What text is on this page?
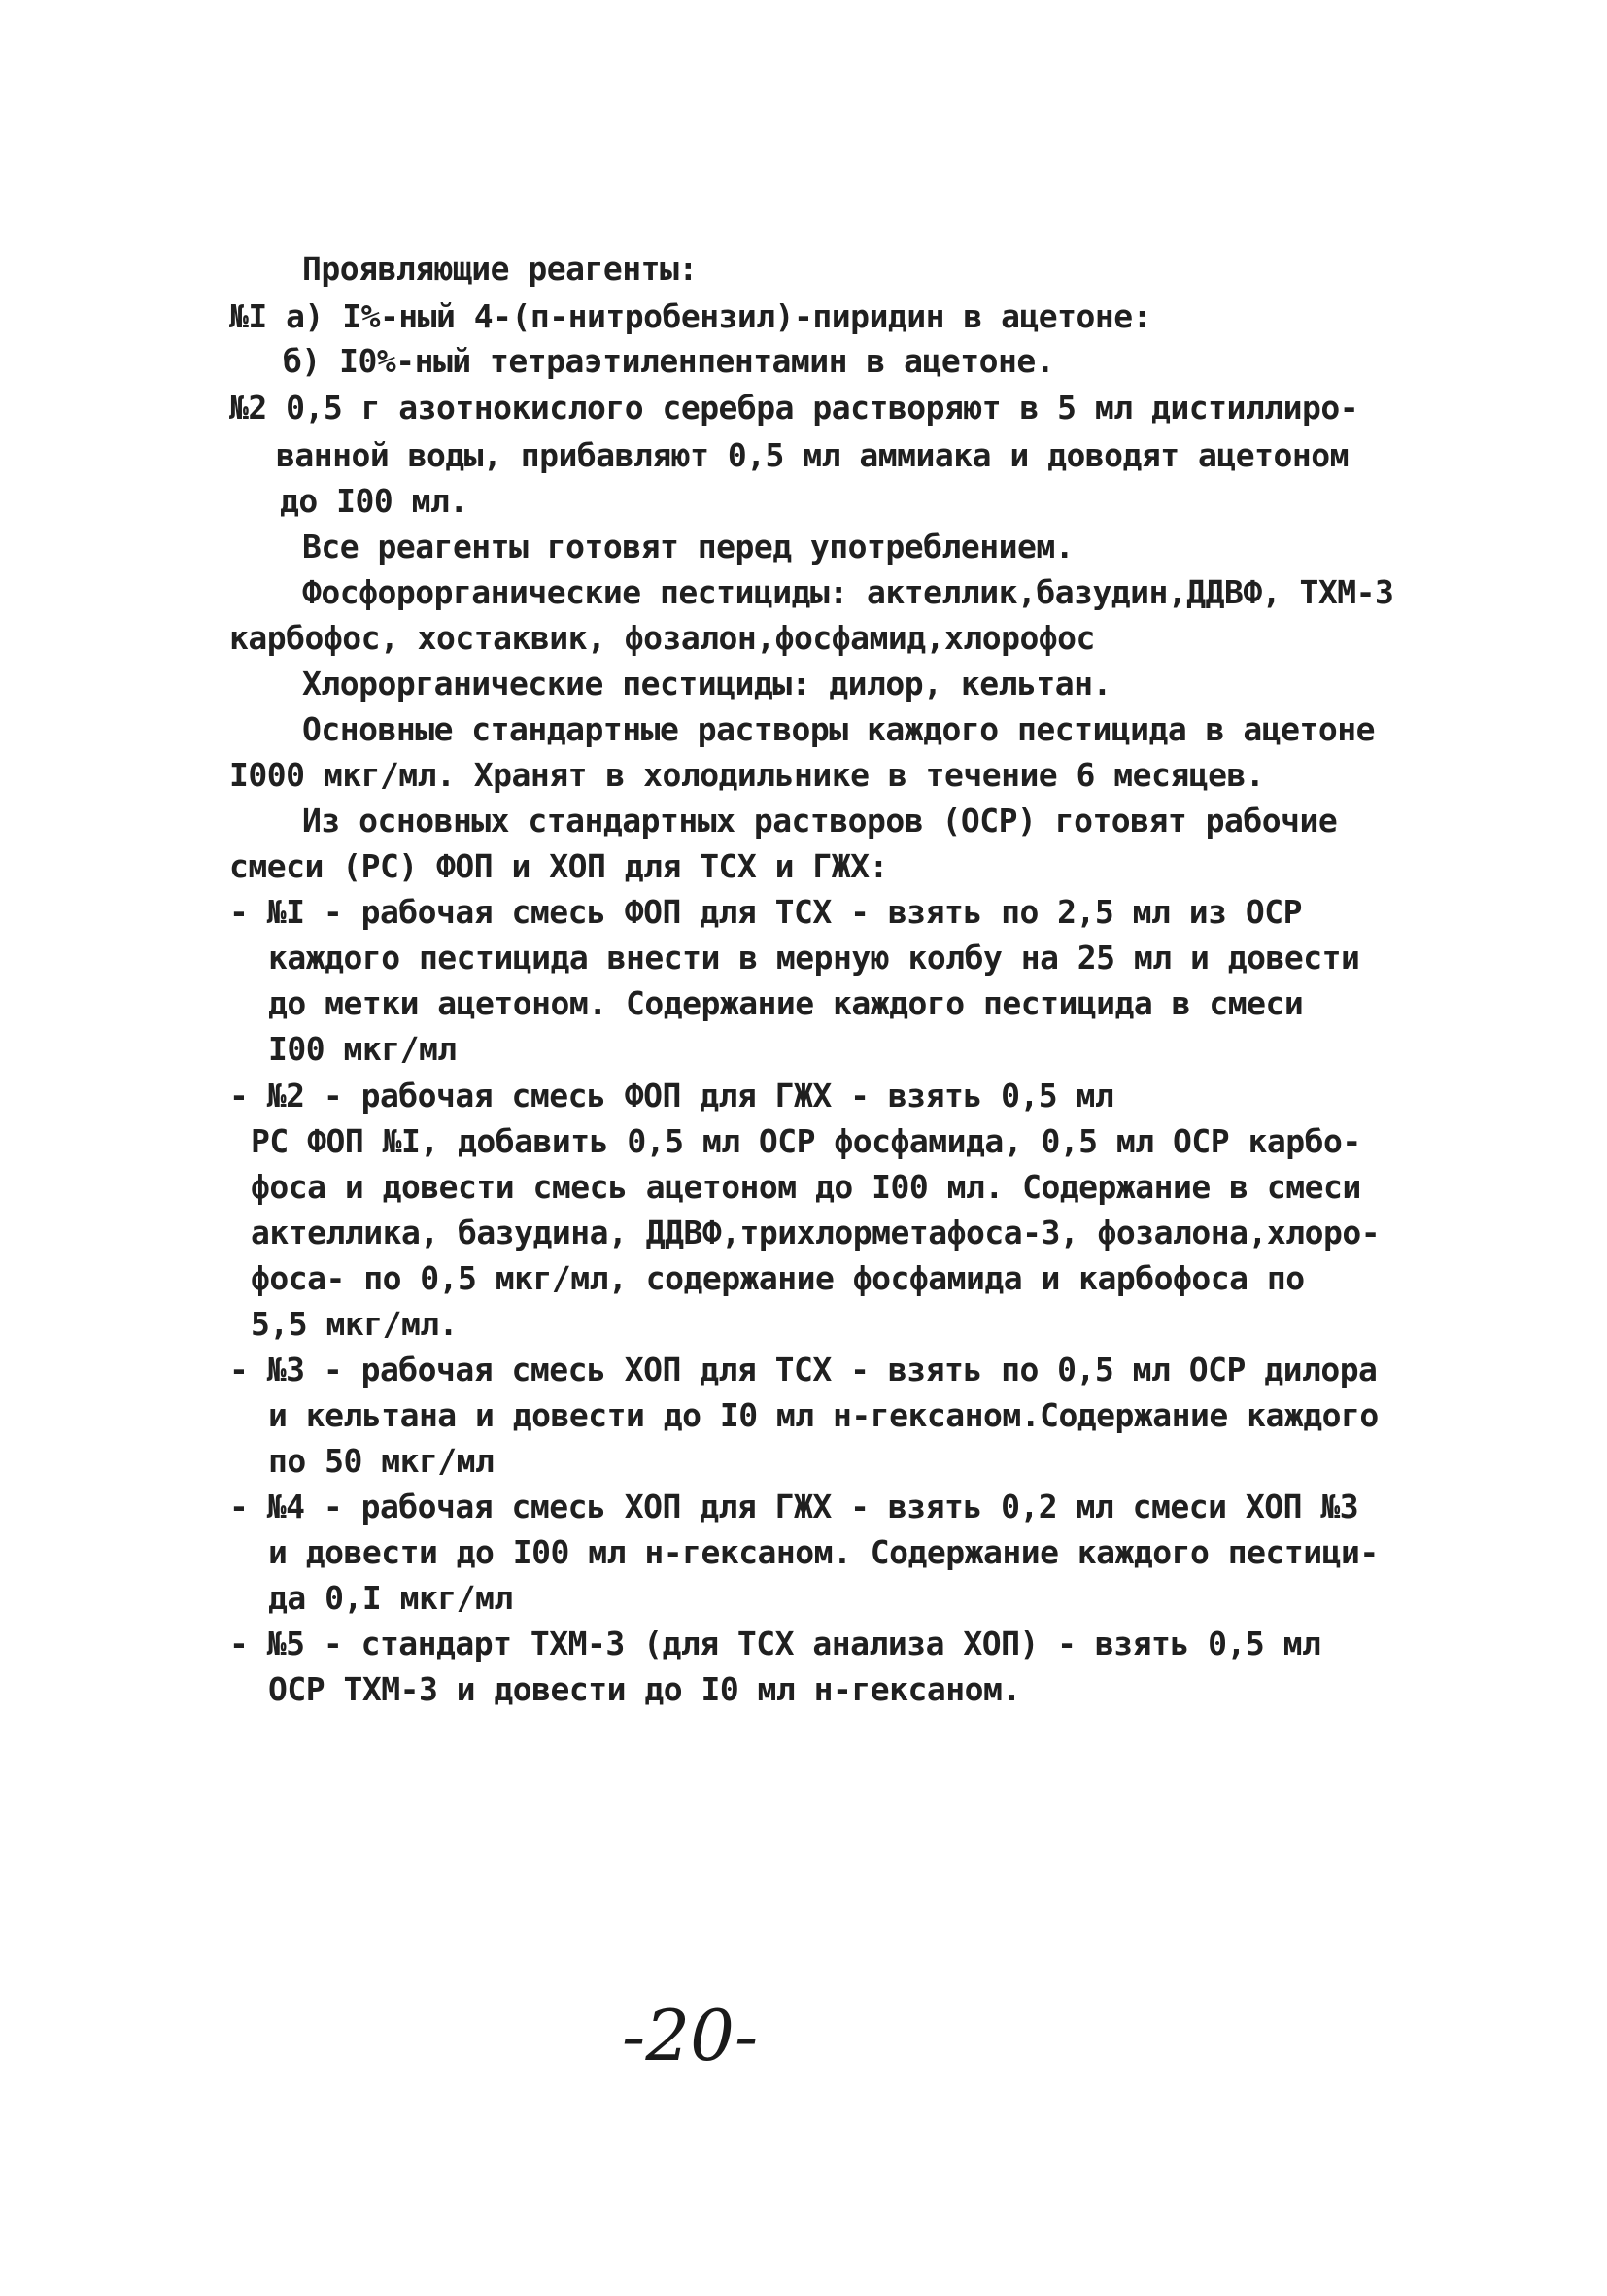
Проявляющие реагенты:
№I а) I%-ный 4-(п-нитробензил)-пиридин в ацетоне:
б) I0%-ный тетраэтиленпентамин в ацетоне.
№2 0,5 г азотнокислого серебра растворяют в 5 мл дистиллиро-
ванной воды, прибавляют 0,5 мл аммиака и доводят ацетоном
до I00 мл.
Все реагенты готовят перед употреблением.
Фосфорорганические пестициды: актеллик,базудин,ДДВФ, ТХМ-3
карбофос, хостаквик, фозалон,фосфамид,хлорофос
Хлорорганические пестициды: дилор, кельтан.
Основные стандартные растворы каждого пестицида в ацетоне
I000 мкг/мл. Хранят в холодильнике в течение 6 месяцев.
Из основных стандартных растворов (ОСР) готовят рабочие
смеси (РС) ФОП и ХОП для ТСХ и ГЖХ:
- №I - рабочая смесь ФОП для ТСХ - взять по 2,5 мл из ОСР
каждого пестицида внести в мерную колбу на 25 мл и довести
до метки ацетоном. Содержание каждого пестицида в смеси
I00 мкг/мл
- №2 - рабочая смесь ФОП для ГЖХ - взять 0,5 мл
РС ФОП №I, добавить 0,5 мл ОСР фосфамида, 0,5 мл ОСР карбо-
фоса и довести смесь ацетоном до I00 мл. Содержание в смеси
актеллика, базудина, ДДВФ,трихлорметафоса-3, фозалона,хлоро-
фоса- по 0,5 мкг/мл, содержание фосфамида и карбофоса по
5,5 мкг/мл.
- №3 - рабочая смесь ХОП для ТСХ - взять по 0,5 мл ОСР дилора
и кельтана и довести до I0 мл н-гексаном.Содержание каждого
по 50 мкг/мл
- №4 - рабочая смесь ХОП для ГЖХ - взять 0,2 мл смеси ХОП №3
и довести до I00 мл н-гексаном. Содержание каждого пестици-
да 0,I мкг/мл
- №5 - стандарт ТХМ-3 (для ТСХ анализа ХОП) - взять 0,5 мл
ОСР ТХМ-3 и довести до I0 мл н-гексаном.
-20-
